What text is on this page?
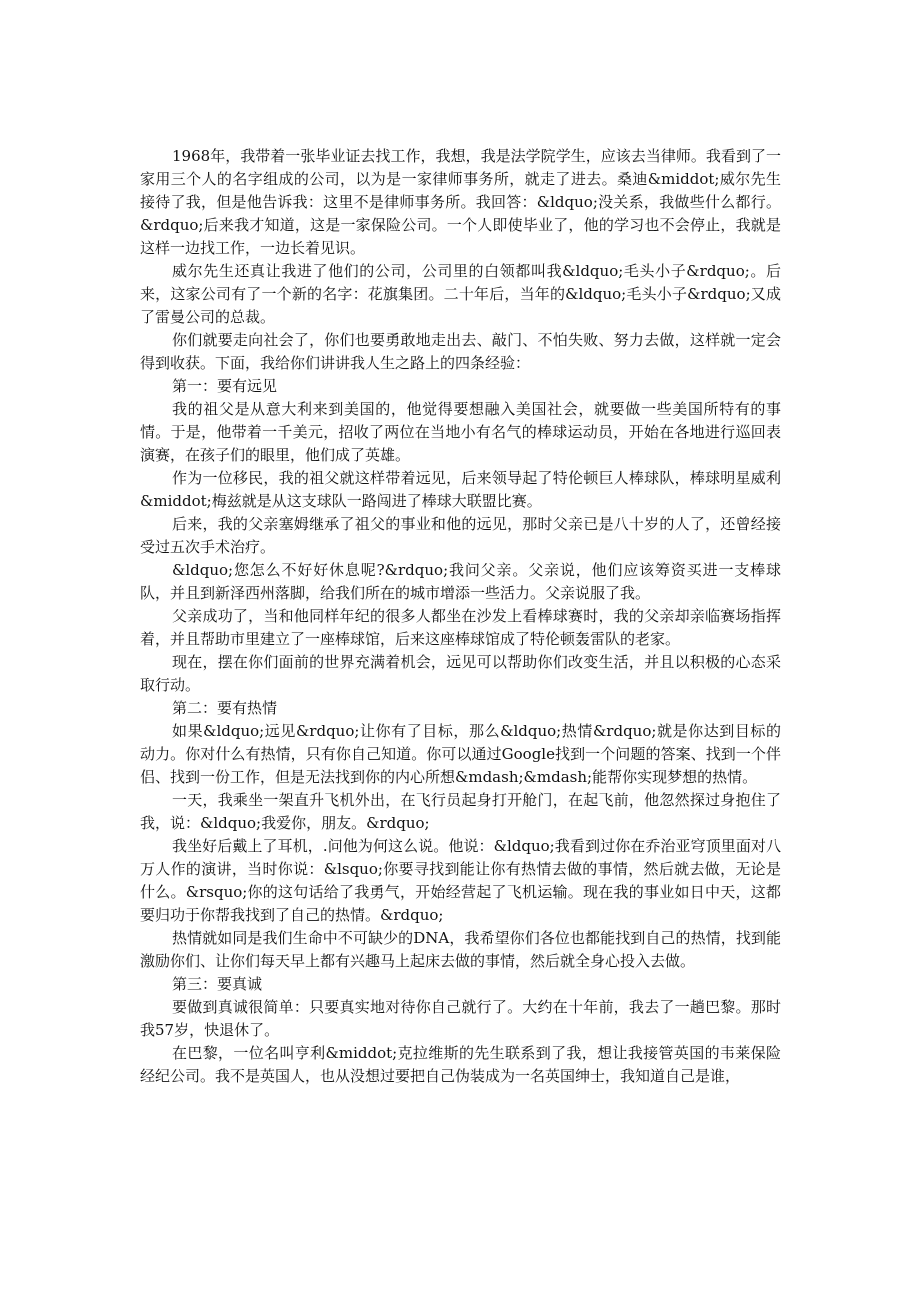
1968年，我带着一张毕业证去找工作，我想，我是法学院学生，应该去当律师。我看到了一家用三个人的名字组成的公司，以为是一家律师事务所，就走了进去。桑迪&middot;威尔先生接待了我，但是他告诉我：这里不是律师事务所。我回答：&ldquo;没关系，我做些什么都行。&rdquo;后来我才知道，这是一家保险公司。一个人即使毕业了，他的学习也不会停止，我就是这样一边找工作，一边长着见识。

威尔先生还真让我进了他们的公司，公司里的白领都叫我&ldquo;毛头小子&rdquo;。后来，这家公司有了一个新的名字：花旗集团。二十年后，当年的&ldquo;毛头小子&rdquo;又成了雷曼公司的总裁。

你们就要走向社会了，你们也要勇敢地走出去、敲门、不怕失败、努力去做，这样就一定会得到收获。下面，我给你们讲讲我人生之路上的四条经验：

第一：要有远见

我的祖父是从意大利来到美国的，他觉得要想融入美国社会，就要做一些美国所特有的事情。于是，他带着一千美元，招收了两位在当地小有名气的棒球运动员，开始在各地进行巡回表演赛，在孩子们的眼里，他们成了英雄。

作为一位移民，我的祖父就这样带着远见，后来领导起了特伦顿巨人棒球队，棒球明星威利&middot;梅兹就是从这支球队一路闯进了棒球大联盟比赛。

后来，我的父亲塞姆继承了祖父的事业和他的远见，那时父亲已是八十岁的人了，还曾经接受过五次手术治疗。

&ldquo;您怎么不好好休息呢?&rdquo;我问父亲。父亲说，他们应该筹资买进一支棒球队，并且到新泽西州落脚，给我们所在的城市增添一些活力。父亲说服了我。

父亲成功了，当和他同样年纪的很多人都坐在沙发上看棒球赛时，我的父亲却亲临赛场指挥着，并且帮助市里建立了一座棒球馆，后来这座棒球馆成了特伦顿轰雷队的老家。

现在，摆在你们面前的世界充满着机会，远见可以帮助你们改变生活，并且以积极的心态采取行动。

第二：要有热情

如果&ldquo;远见&rdquo;让你有了目标，那么&ldquo;热情&rdquo;就是你达到目标的动力。你对什么有热情，只有你自己知道。你可以通过Google找到一个问题的答案、找到一个伴侣、找到一份工作，但是无法找到你的内心所想&mdash;&mdash;能帮你实现梦想的热情。

一天，我乘坐一架直升飞机外出，在飞行员起身打开舱门，在起飞前，他忽然探过身抱住了我，说：&ldquo;我爱你，朋友。&rdquo;

我坐好后戴上了耳机，.问他为何这么说。他说：&ldquo;我看到过你在乔治亚穹顶里面对八万人作的演讲，当时你说：&lsquo;你要寻找到能让你有热情去做的事情，然后就去做，无论是什么。&rsquo;你的这句话给了我勇气，开始经营起了飞机运输。现在我的事业如日中天，这都要归功于你帮我找到了自己的热情。&rdquo;

热情就如同是我们生命中不可缺少的DNA，我希望你们各位也都能找到自己的热情，找到能激励你们、让你们每天早上都有兴趣马上起床去做的事情，然后就全身心投入去做。

第三：要真诚

要做到真诚很简单：只要真实地对待你自己就行了。大约在十年前，我去了一趟巴黎。那时我57岁，快退休了。

在巴黎，一位名叫亨利&middot;克拉维斯的先生联系到了我，想让我接管英国的韦莱保险经纪公司。我不是英国人，也从没想过要把自己伪装成为一名英国绅士，我知道自己是谁，
